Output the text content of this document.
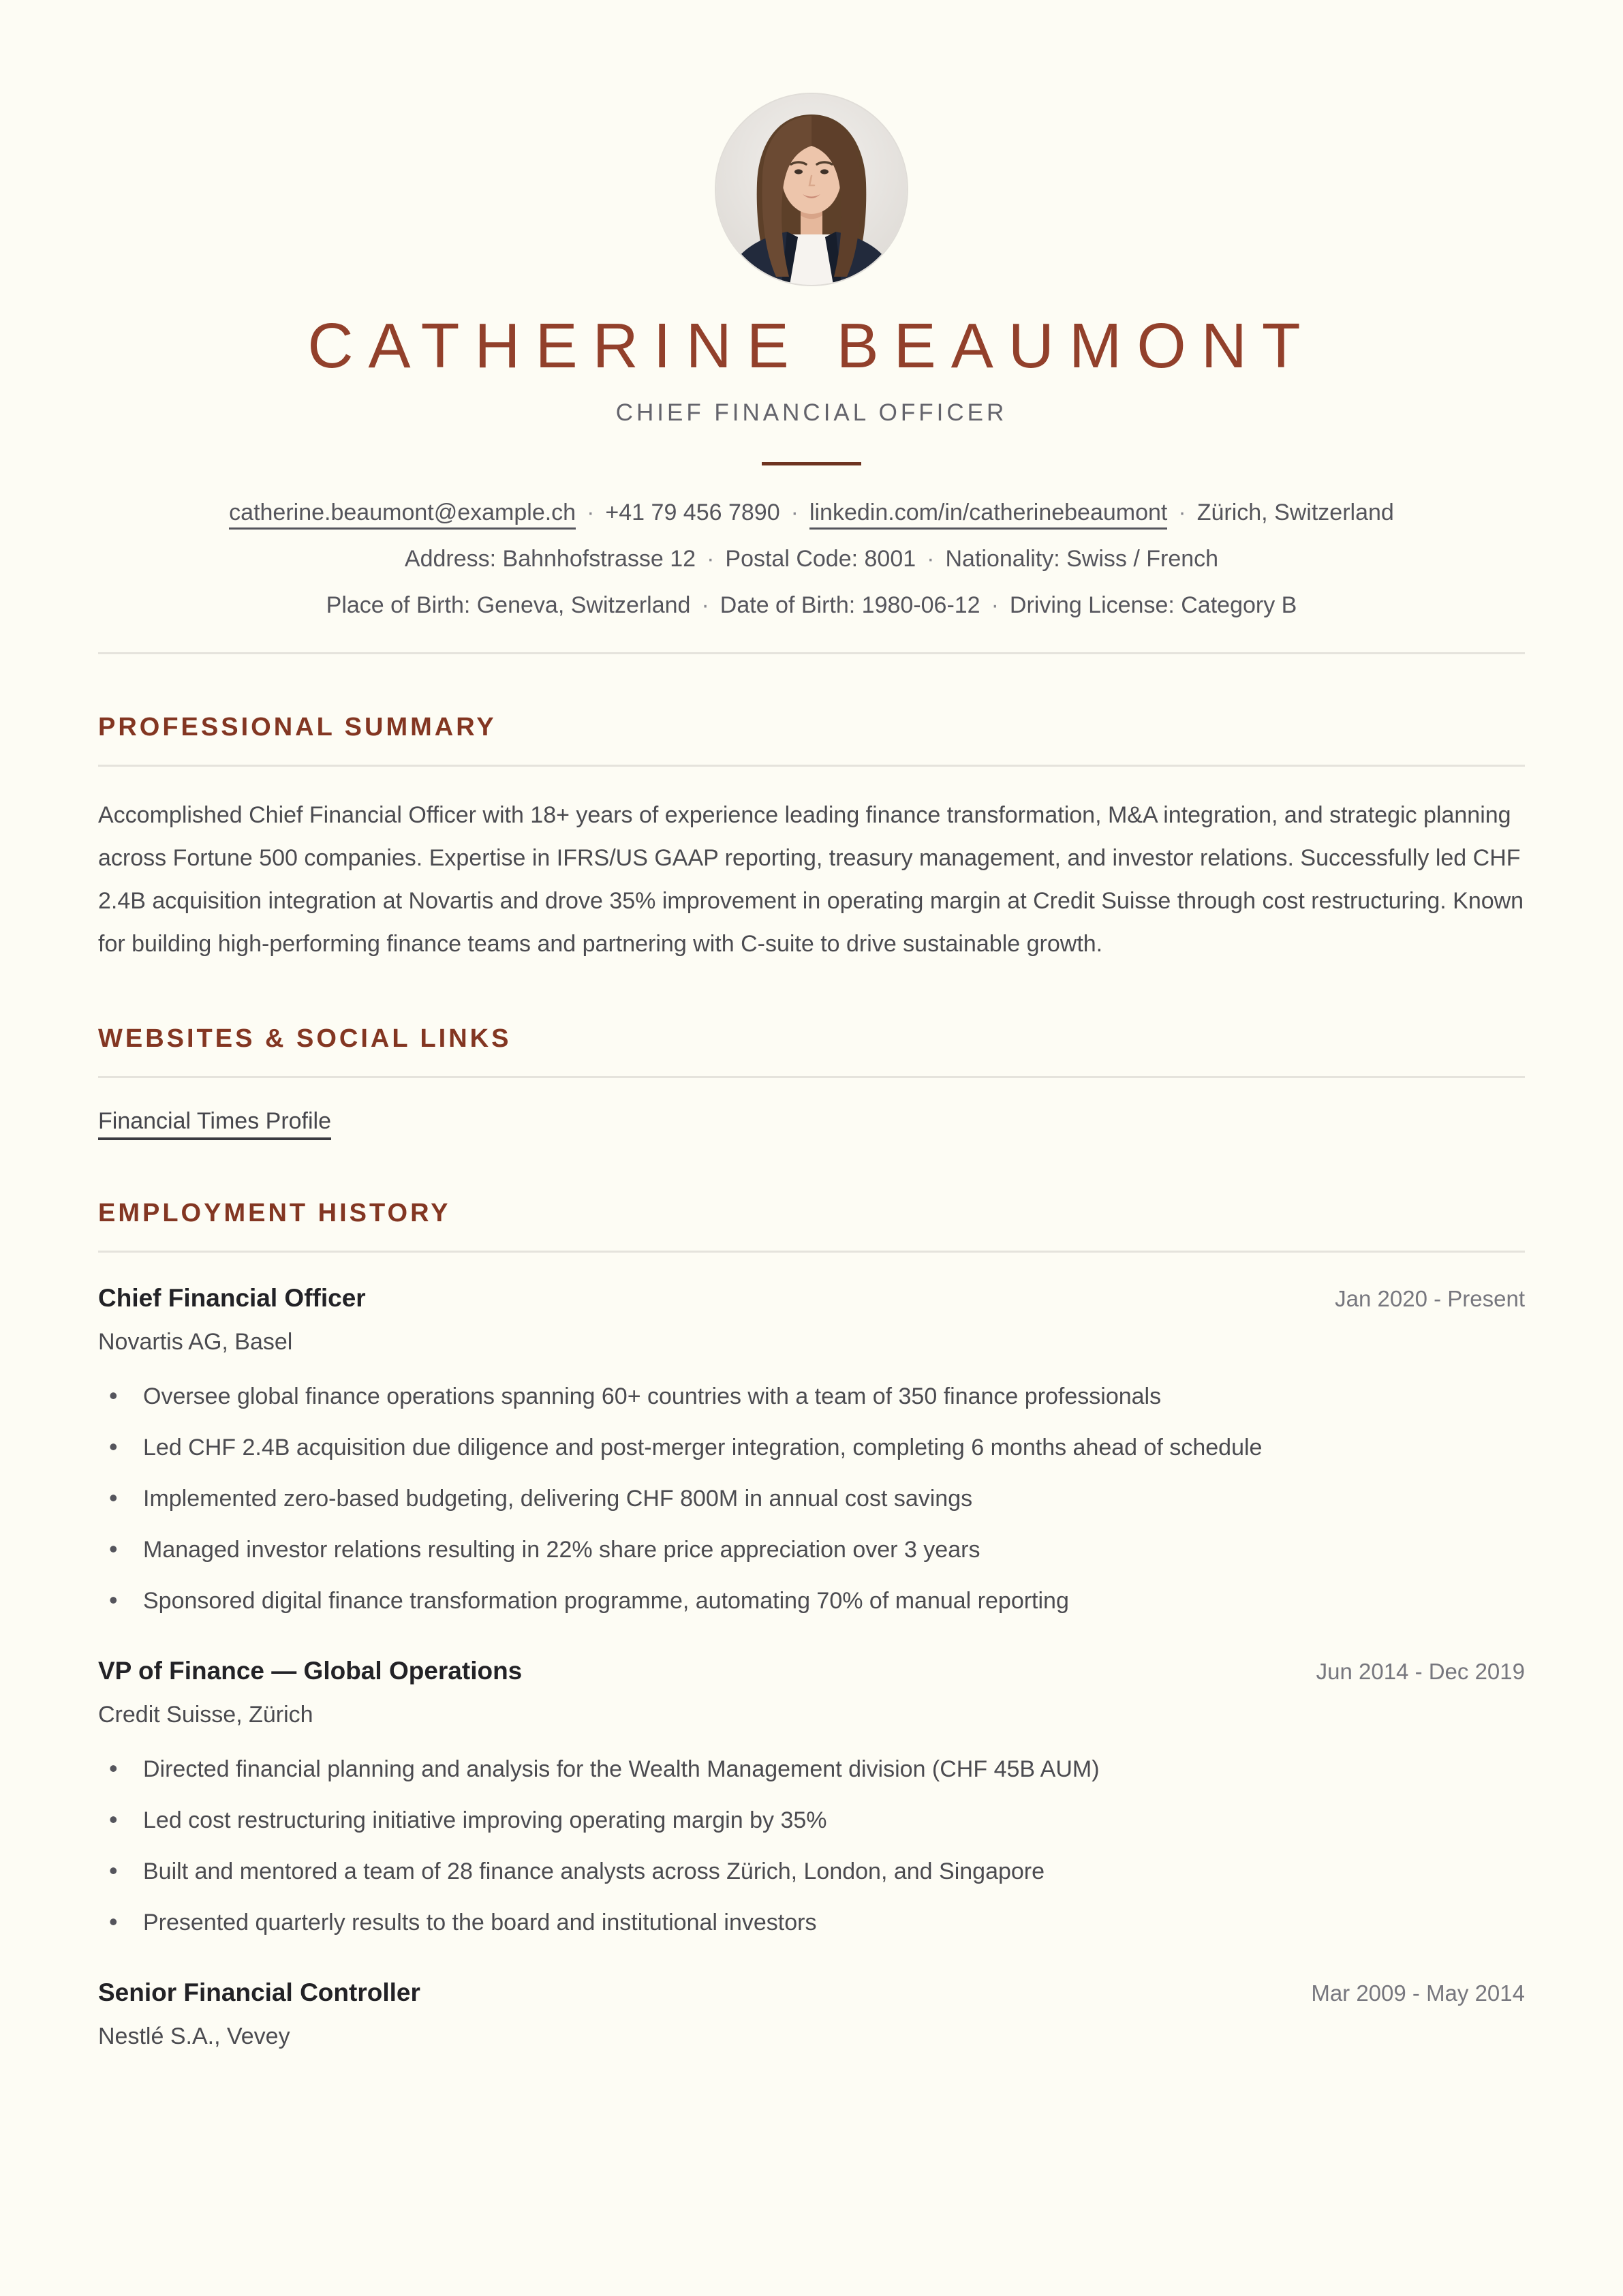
CATHERINE BEAUMONT
CHIEF FINANCIAL OFFICER
catherine.beaumont@example.ch · +41 79 456 7890 · linkedin.com/in/catherinebeaumont · Zürich, Switzerland
Address: Bahnhofstrasse 12 · Postal Code: 8001 · Nationality: Swiss / French
Place of Birth: Geneva, Switzerland · Date of Birth: 1980-06-12 · Driving License: Category B
PROFESSIONAL SUMMARY

Accomplished Chief Financial Officer with 18+ years of experience leading finance transformation, M&A integration, and strategic planning across Fortune 500 companies. Expertise in IFRS/US GAAP reporting, treasury management, and investor relations. Successfully led CHF 2.4B acquisition integration at Novartis and drove 35% improvement in operating margin at Credit Suisse through cost restructuring. Known for building high-performing finance teams and partnering with C-suite to drive sustainable growth.

WEBSITES & SOCIAL LINKS
Financial Times Profile
EMPLOYMENT HISTORY
Chief Financial Officer	Jan 2020 - Present
Novartis AG, Basel
• Oversee global finance operations spanning 60+ countries with a team of 350 finance professionals
• Led CHF 2.4B acquisition due diligence and post-merger integration, completing 6 months ahead of schedule
• Implemented zero-based budgeting, delivering CHF 800M in annual cost savings
• Managed investor relations resulting in 22% share price appreciation over 3 years
• Sponsored digital finance transformation programme, automating 70% of manual reporting
VP of Finance — Global Operations	Jun 2014 - Dec 2019
Credit Suisse, Zürich
• Directed financial planning and analysis for the Wealth Management division (CHF 45B AUM)
• Led cost restructuring initiative improving operating margin by 35%
• Built and mentored a team of 28 finance analysts across Zürich, London, and Singapore
• Presented quarterly results to the board and institutional investors
Senior Financial Controller	Mar 2009 - May 2014
Nestlé S.A., Vevey
